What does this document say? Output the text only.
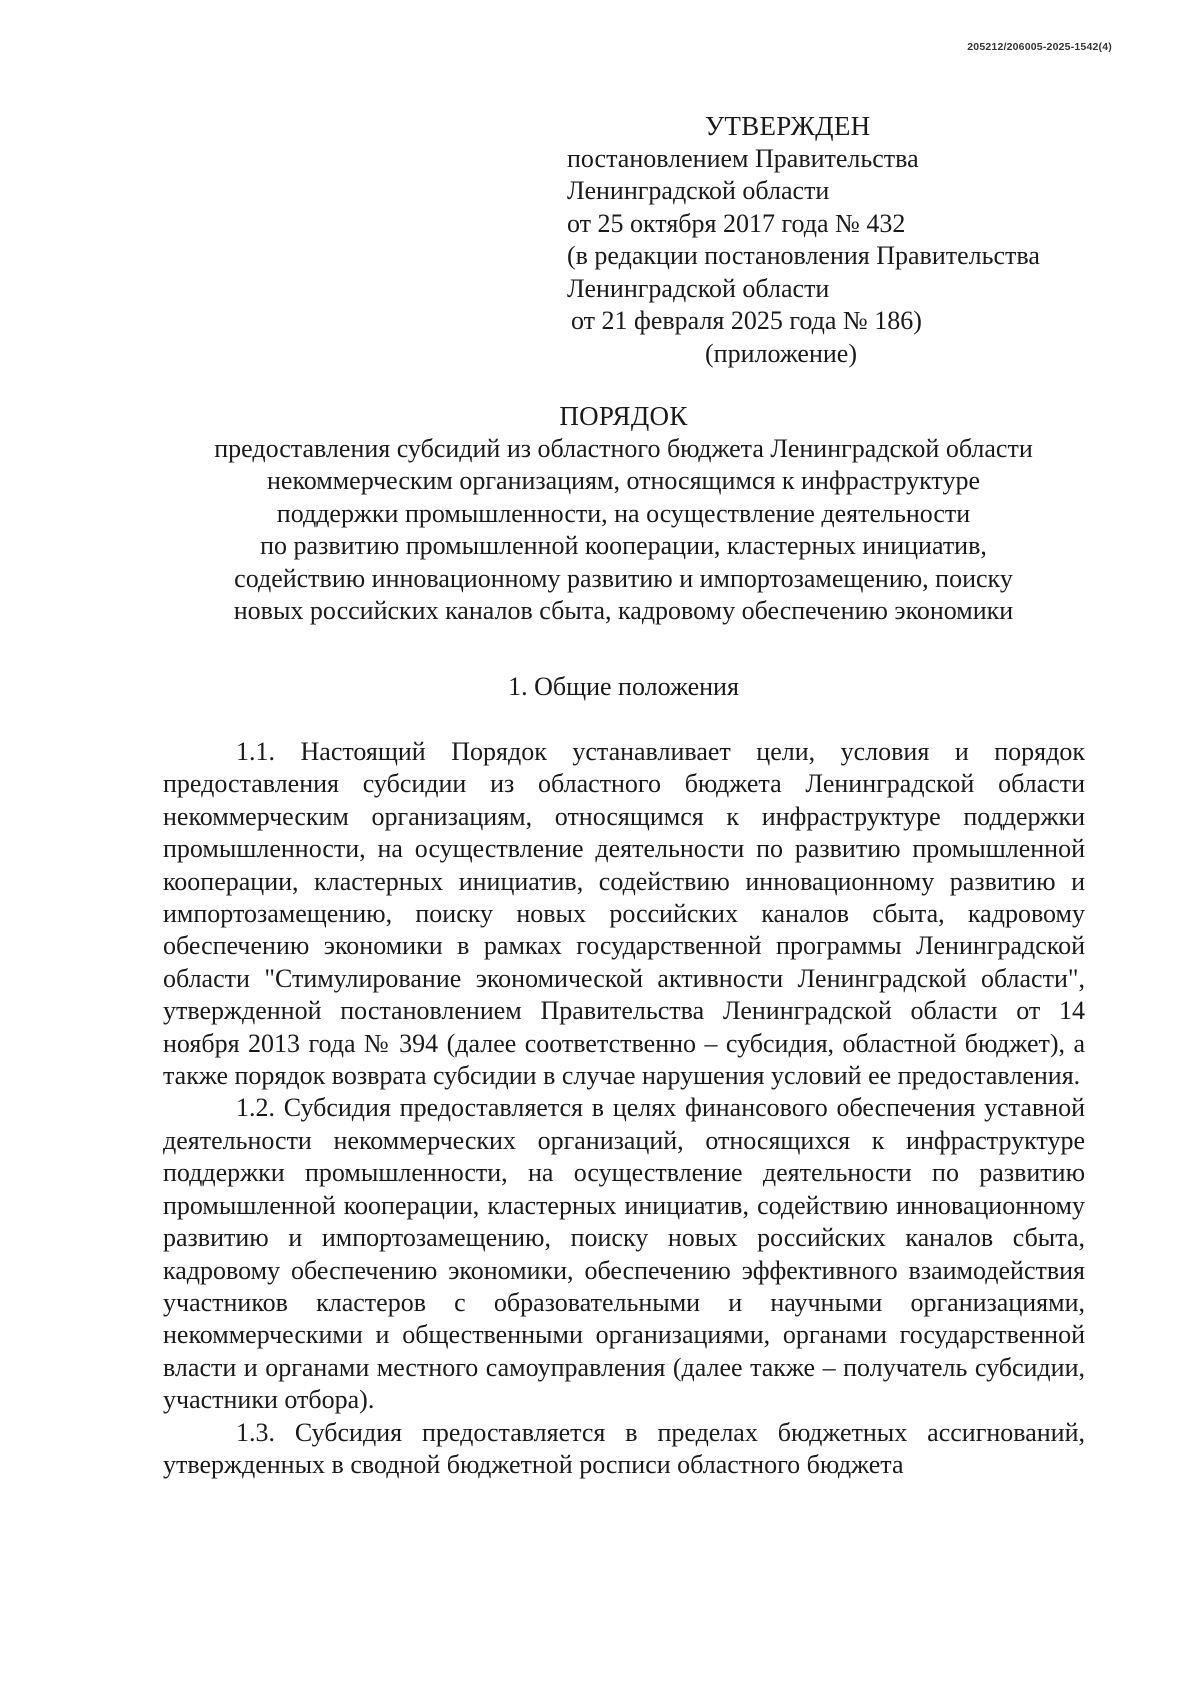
205212/206005-2025-1542(4)
УТВЕРЖДЕН
постановлением Правительства
Ленинградской области
от 25 октября 2017 года № 432
(в редакции постановления Правительства
Ленинградской области
от 21 февраля 2025 года № 186)
(приложение)
ПОРЯДОК
предоставления субсидий из областного бюджета Ленинградской области
некоммерческим организациям, относящимся к инфраструктуре
поддержки промышленности, на осуществление деятельности
по развитию промышленной кооперации, кластерных инициатив,
содействию инновационному развитию и импортозамещению, поиску
новых российских каналов сбыта, кадровому обеспечению экономики
1. Общие положения

1.1. Настоящий Порядок устанавливает цели, условия и порядок предоставления субсидии из областного бюджета Ленинградской области некоммерческим организациям, относящимся к инфраструктуре поддержки промышленности, на осуществление деятельности по развитию промышленной кооперации, кластерных инициатив, содействию инновационному развитию и импортозамещению, поиску новых российских каналов сбыта, кадровому обеспечению экономики в рамках государственной программы Ленинградской области "Стимулирование экономической активности Ленинградской области", утвержденной постановлением Правительства Ленинградской области от 14 ноября 2013 года № 394 (далее соответственно – субсидия, областной бюджет), а также порядок возврата субсидии в случае нарушения условий ее предоставления.

1.2. Субсидия предоставляется в целях финансового обеспечения уставной деятельности некоммерческих организаций, относящихся к инфраструктуре поддержки промышленности, на осуществление деятельности по развитию промышленной кооперации, кластерных инициатив, содействию инновационному развитию и импортозамещению, поиску новых российских каналов сбыта, кадровому обеспечению экономики, обеспечению эффективного взаимодействия участников кластеров с образовательными и научными организациями, некоммерческими и общественными организациями, органами государственной власти и органами местного самоуправления (далее также – получатель субсидии, участники отбора).

1.3. Субсидия предоставляется в пределах бюджетных ассигнований, утвержденных в сводной бюджетной росписи областного бюджета
